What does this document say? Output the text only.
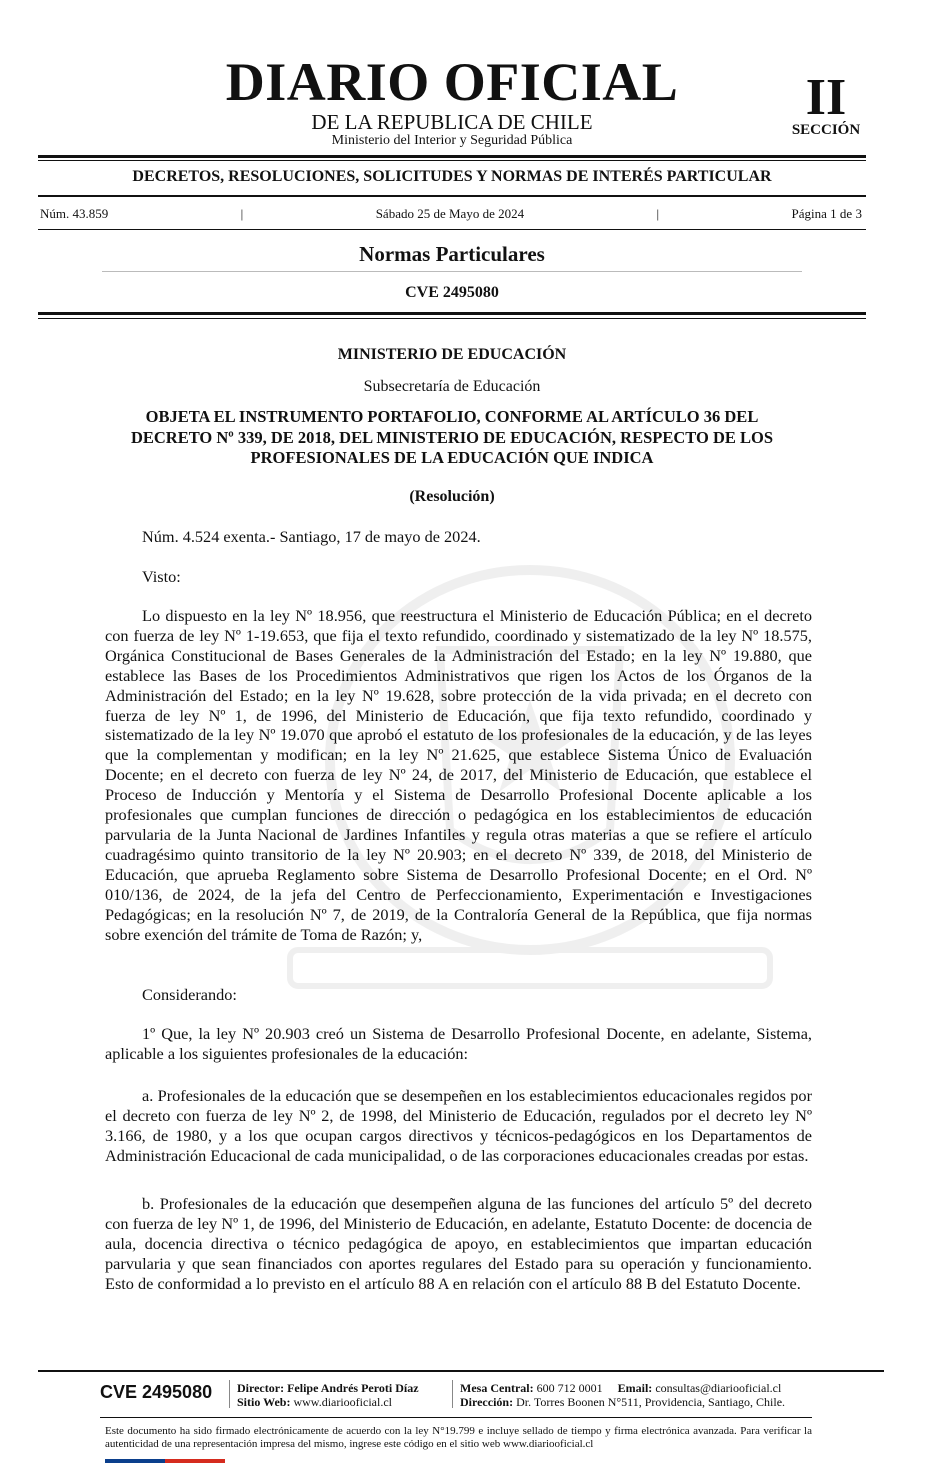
DIARIO OFICIAL
DE LA REPUBLICA DE CHILE
Ministerio del Interior y Seguridad Pública
II
SECCIÓN
DECRETOS, RESOLUCIONES, SOLICITUDES Y NORMAS DE INTERÉS PARTICULAR
Núm. 43.859	|	Sábado 25 de Mayo de 2024	|	Página 1 de 3
Normas Particulares
CVE 2495080
MINISTERIO DE EDUCACIÓN
Subsecretaría de Educación
OBJETA EL INSTRUMENTO PORTAFOLIO, CONFORME AL ARTÍCULO 36 DEL
DECRETO Nº 339, DE 2018, DEL MINISTERIO DE EDUCACIÓN, RESPECTO DE LOS
PROFESIONALES DE LA EDUCACIÓN QUE INDICA
(Resolución)
Núm. 4.524 exenta.- Santiago, 17 de mayo de 2024.
Visto:
Lo dispuesto en la ley Nº 18.956, que reestructura el Ministerio de Educación Pública; en el decreto con fuerza de ley Nº 1-19.653, que fija el texto refundido, coordinado y sistematizado de la ley Nº 18.575, Orgánica Constitucional de Bases Generales de la Administración del Estado; en la ley Nº 19.880, que establece las Bases de los Procedimientos Administrativos que rigen los Actos de los Órganos de la Administración del Estado; en la ley Nº 19.628, sobre protección de la vida privada; en el decreto con fuerza de ley Nº 1, de 1996, del Ministerio de Educación, que fija texto refundido, coordinado y sistematizado de la ley Nº 19.070 que aprobó el estatuto de los profesionales de la educación, y de las leyes que la complementan y modifican; en la ley Nº 21.625, que establece Sistema Único de Evaluación Docente; en el decreto con fuerza de ley Nº 24, de 2017, del Ministerio de Educación, que establece el Proceso de Inducción y Mentoría y el Sistema de Desarrollo Profesional Docente aplicable a los profesionales que cumplan funciones de dirección o pedagógica en los establecimientos de educación parvularia de la Junta Nacional de Jardines Infantiles y regula otras materias a que se refiere el artículo cuadragésimo quinto transitorio de la ley Nº 20.903; en el decreto Nº 339, de 2018, del Ministerio de Educación, que aprueba Reglamento sobre Sistema de Desarrollo Profesional Docente; en el Ord. Nº 010/136, de 2024, de la jefa del Centro de Perfeccionamiento, Experimentación e Investigaciones Pedagógicas; en la resolución Nº 7, de 2019, de la Contraloría General de la República, que fija normas sobre exención del trámite de Toma de Razón; y,
Considerando:
1º Que, la ley Nº 20.903 creó un Sistema de Desarrollo Profesional Docente, en adelante, Sistema, aplicable a los siguientes profesionales de la educación:
a. Profesionales de la educación que se desempeñen en los establecimientos educacionales regidos por el decreto con fuerza de ley Nº 2, de 1998, del Ministerio de Educación, regulados por el decreto ley Nº 3.166, de 1980, y a los que ocupan cargos directivos y técnicos-pedagógicos en los Departamentos de Administración Educacional de cada municipalidad, o de las corporaciones educacionales creadas por estas.
b. Profesionales de la educación que desempeñen alguna de las funciones del artículo 5º del decreto con fuerza de ley Nº 1, de 1996, del Ministerio de Educación, en adelante, Estatuto Docente: de docencia de aula, docencia directiva o técnico pedagógica de apoyo, en establecimientos que impartan educación parvularia y que sean financiados con aportes regulares del Estado para su operación y funcionamiento. Esto de conformidad a lo previsto en el artículo 88 A en relación con el artículo 88 B del Estatuto Docente.
CVE 2495080 Director: Felipe Andrés Peroti Díaz
Sitio Web: www.diariooficial.cl
Mesa Central: 600 712 0001 Email: consultas@diariooficial.cl
Dirección: Dr. Torres Boonen N°511, Providencia, Santiago, Chile.
Este documento ha sido firmado electrónicamente de acuerdo con la ley N°19.799 e incluye sellado de tiempo y firma electrónica avanzada. Para verificar la autenticidad de una representación impresa del mismo, ingrese este código en el sitio web www.diariooficial.cl
